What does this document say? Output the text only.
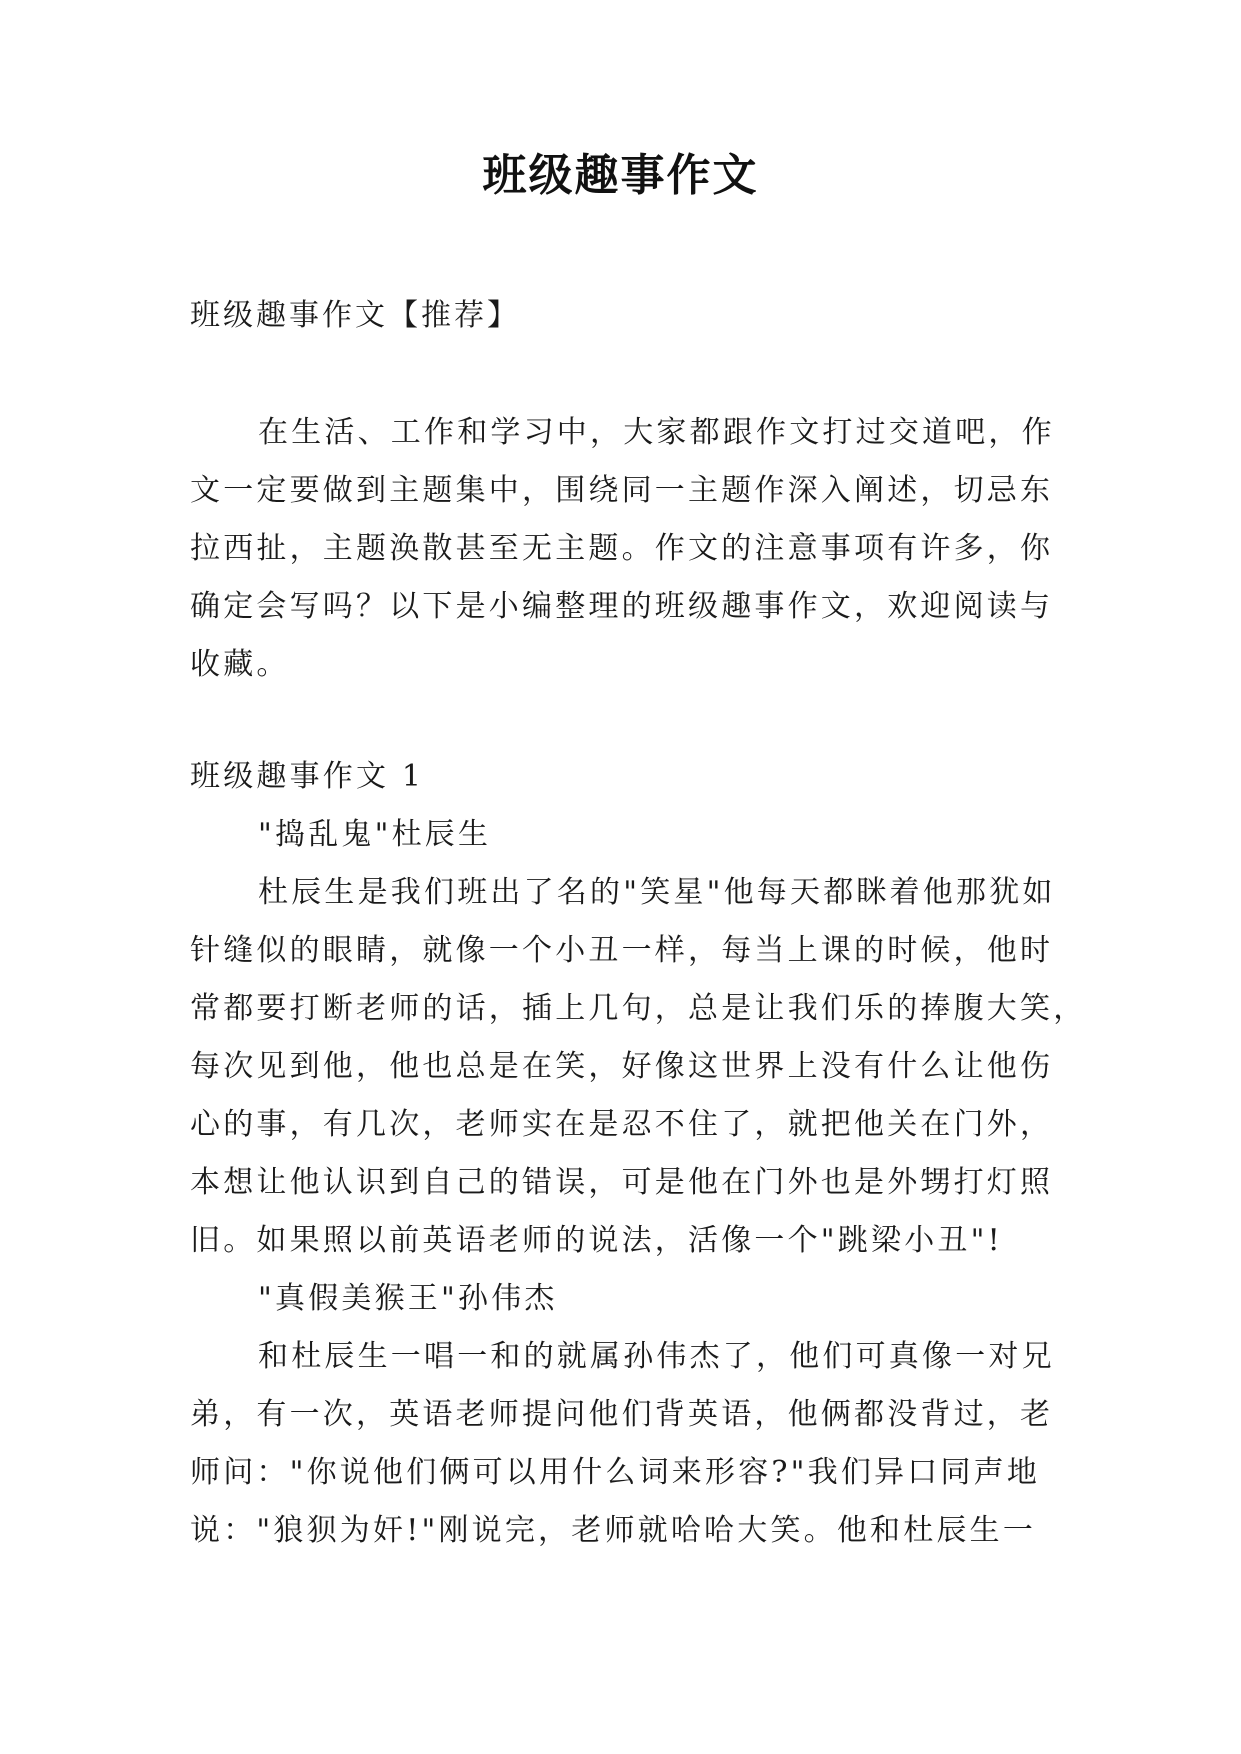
班级趣事作文
班级趣事作文【推荐】
在生活、工作和学习中，大家都跟作文打过交道吧，作
文一定要做到主题集中，围绕同一主题作深入阐述，切忌东
拉西扯，主题涣散甚至无主题。作文的注意事项有许多，你
确定会写吗？以下是小编整理的班级趣事作文，欢迎阅读与
收藏。
班级趣事作文 1
"捣乱鬼"杜辰生
杜辰生是我们班出了名的"笑星"他每天都眯着他那犹如
针缝似的眼睛，就像一个小丑一样，每当上课的时候，他时
常都要打断老师的话，插上几句，总是让我们乐的捧腹大笑，
每次见到他，他也总是在笑，好像这世界上没有什么让他伤
心的事，有几次，老师实在是忍不住了，就把他关在门外，
本想让他认识到自己的错误，可是他在门外也是外甥打灯照
旧。如果照以前英语老师的说法，活像一个"跳梁小丑"!
"真假美猴王"孙伟杰
和杜辰生一唱一和的就属孙伟杰了，他们可真像一对兄
弟，有一次，英语老师提问他们背英语，他俩都没背过，老
师问："你说他们俩可以用什么词来形容?"我们异口同声地
说："狼狈为奸!"刚说完，老师就哈哈大笑。他和杜辰生一
